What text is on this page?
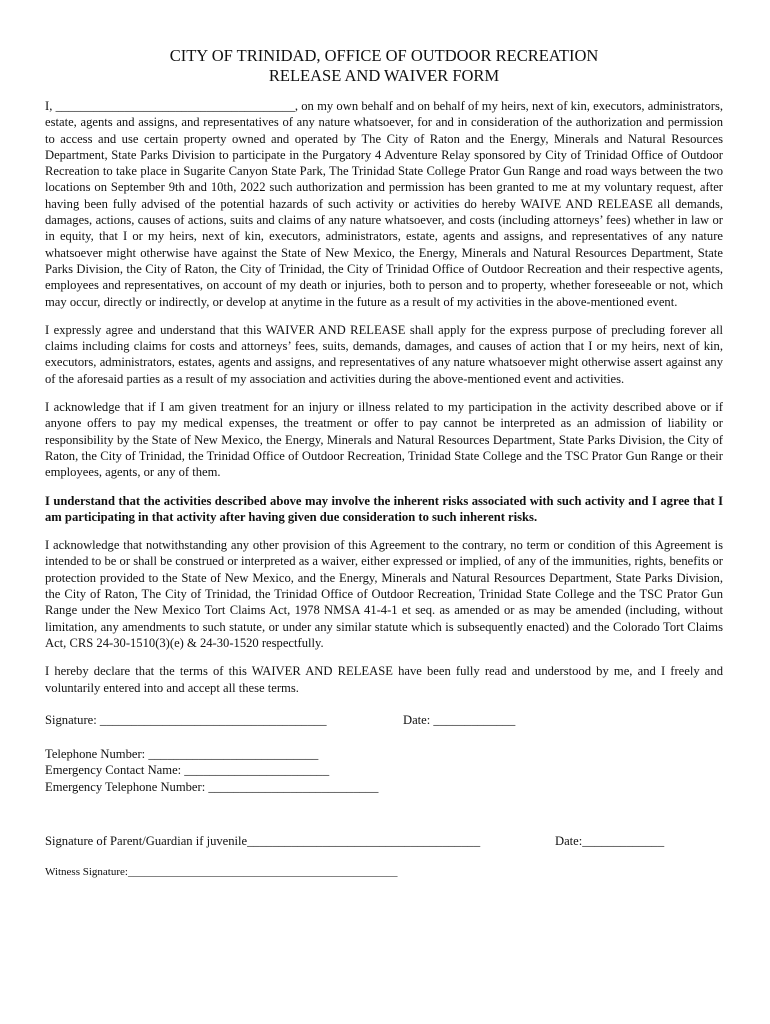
CITY OF TRINIDAD, OFFICE OF OUTDOOR RECREATION
RELEASE AND WAIVER FORM

I, ______________________________________, on my own behalf and on behalf of my heirs, next of kin, executors, administrators, estate, agents and assigns, and representatives of any nature whatsoever, for and in consideration of the authorization and permission to access and use certain property owned and operated by The City of Raton and the Energy, Minerals and Natural Resources Department, State Parks Division to participate in the Purgatory 4 Adventure Relay sponsored by City of Trinidad Office of Outdoor Recreation to take place in Sugarite Canyon State Park, The Trinidad State College Prator Gun Range and road ways between the two locations on September 9th and 10th, 2022 such authorization and permission has been granted to me at my voluntary request, after having been fully advised of the potential hazards of such activity or activities do hereby WAIVE AND RELEASE all demands, damages, actions, causes of actions, suits and claims of any nature whatsoever, and costs (including attorneys’ fees) whether in law or in equity, that I or my heirs, next of kin, executors, administrators, estate, agents and assigns, and representatives of any nature whatsoever might otherwise have against the State of New Mexico, the Energy, Minerals and Natural Resources Department, State Parks Division, the City of Raton, the City of Trinidad, the City of Trinidad Office of Outdoor Recreation and their respective agents, employees and representatives, on account of my death or injuries, both to person and to property, whether foreseeable or not, which may occur, directly or indirectly, or develop at anytime in the future as a result of my activities in the above-mentioned event.

I expressly agree and understand that this WAIVER AND RELEASE shall apply for the express purpose of precluding forever all claims including claims for costs and attorneys’ fees, suits, demands, damages, and causes of action that I or my heirs, next of kin, executors, administrators, estates, agents and assigns, and representatives of any nature whatsoever might otherwise assert against any of the aforesaid parties as a result of my association and activities during the above-mentioned event and activities.

I acknowledge that if I am given treatment for an injury or illness related to my participation in the activity described above or if anyone offers to pay my medical expenses, the treatment or offer to pay cannot be interpreted as an admission of liability or responsibility by the State of New Mexico, the Energy, Minerals and Natural Resources Department, State Parks Division, the City of Raton, the City of Trinidad, the Trinidad Office of Outdoor Recreation, Trinidad State College and the TSC Prator Gun Range or their employees, agents, or any of them.

I understand that the activities described above may involve the inherent risks associated with such activity and I agree that I am participating in that activity after having given due consideration to such inherent risks.

I acknowledge that notwithstanding any other provision of this Agreement to the contrary, no term or condition of this Agreement is intended to be or shall be construed or interpreted as a waiver, either expressed or implied, of any of the immunities, rights, benefits or protection provided to the State of New Mexico, and the Energy, Minerals and Natural Resources Department, State Parks Division, the City of Raton, The City of Trinidad, the Trinidad Office of Outdoor Recreation, Trinidad State College and the TSC Prator Gun Range under the New Mexico Tort Claims Act, 1978 NMSA 41-4-1 et seq. as amended or as may be amended (including, without limitation, any amendments to such statute, or under any similar statute which is subsequently enacted) and the Colorado Tort Claims Act, CRS 24-30-1510(3)(e) & 24-30-1520 respectfully.

I hereby declare that the terms of this WAIVER AND RELEASE have been fully read and understood by me, and I freely and voluntarily entered into and accept all these terms.

Signature: ____________________________________	Date: _____________
Telephone Number: ___________________________
Emergency Contact Name: _______________________
Emergency Telephone Number: ___________________________
Signature of Parent/Guardian if juvenile_____________________________________	Date:_____________
Witness Signature:_________________________________________________
